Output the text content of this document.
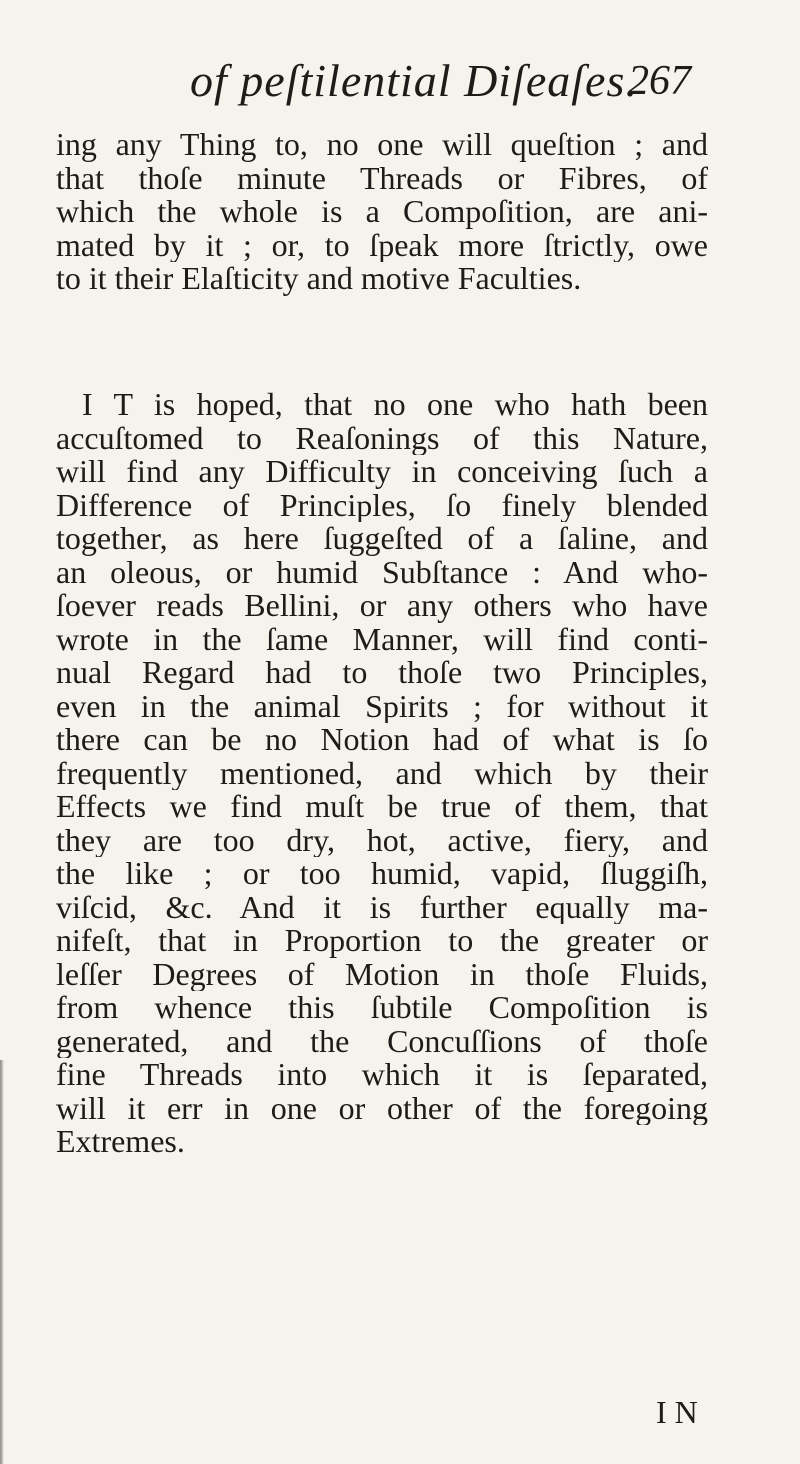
of peſtilential Diſeaſes.
267
ing any Thing to, no one will queſtion ; and
that thoſe minute Threads or Fibres, of
which the whole is a Compoſition, are ani-
mated by it ; or, to ſpeak more ſtrictly, owe
to it their Elaſticity and motive Faculties.
I T is hoped, that no one who hath been
accuſtomed to Reaſonings of this Nature,
will find any Difficulty in conceiving ſuch a
Difference of Principles, ſo finely blended
together, as here ſuggeſted of a ſaline, and
an oleous, or humid Subſtance : And who-
ſoever reads Bellini, or any others who have
wrote in the ſame Manner, will find conti-
nual Regard had to thoſe two Principles,
even in the animal Spirits ; for without it
there can be no Notion had of what is ſo
frequently mentioned, and which by their
Effects we find muſt be true of them, that
they are too dry, hot, active, fiery, and
the like ; or too humid, vapid, ſluggiſh,
viſcid, &c. And it is further equally ma-
nifeſt, that in Proportion to the greater or
leſſer Degrees of Motion in thoſe Fluids,
from whence this ſubtile Compoſition is
generated, and the Concuſſions of thoſe
fine Threads into which it is ſeparated,
will it err in one or other of the foregoing
Extremes.
I N
